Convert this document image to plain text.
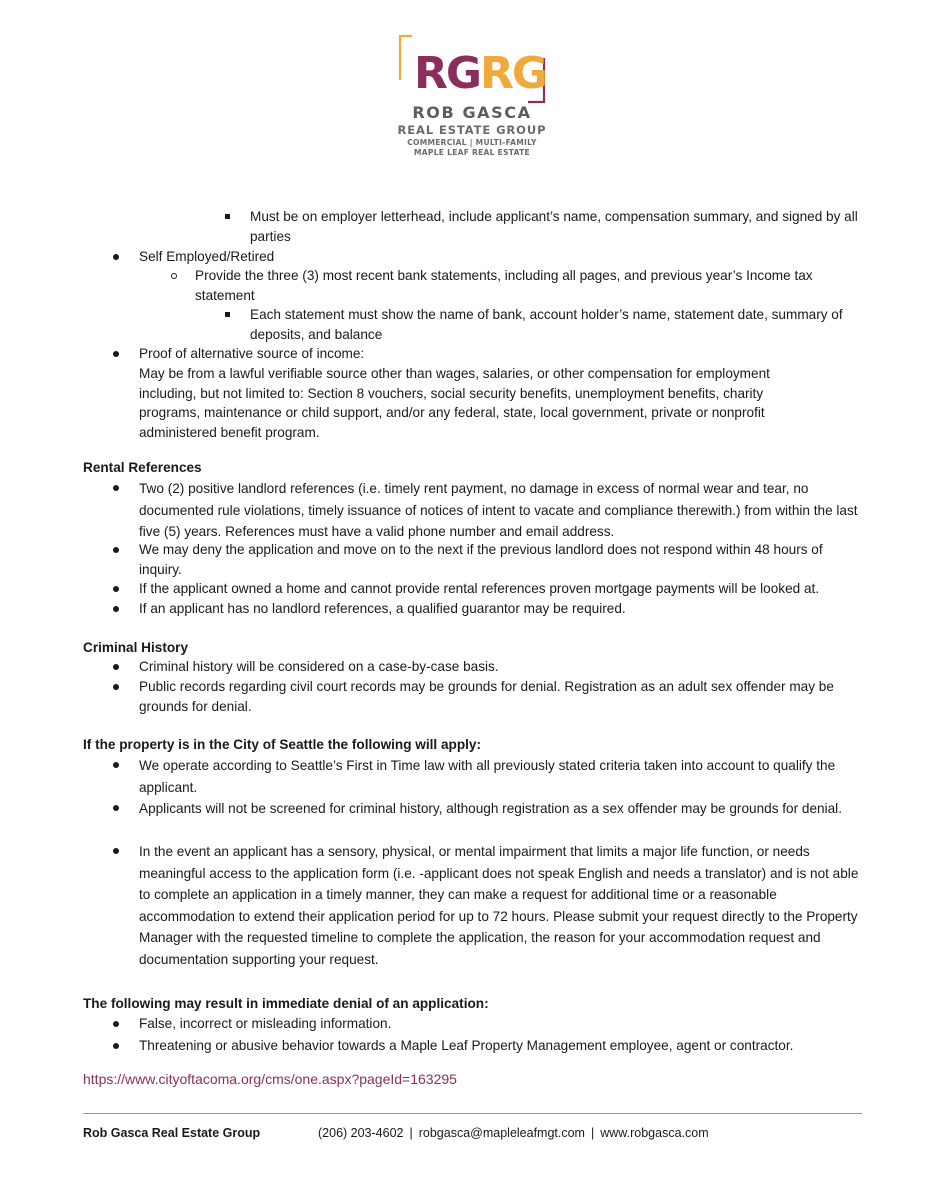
RGRG
ROB GASCA
REAL ESTATE GROUP
COMMERCIAL | MULTI-FAMILY
MAPLE LEAF REAL ESTATE
Must be on employer letterhead, include applicant’s name, compensation summary, and signed by all parties
Self Employed/Retired
Provide the three (3) most recent bank statements, including all pages, and previous year’s Income tax statement
Each statement must show the name of bank, account holder’s name, statement date, summary of deposits, and balance
Proof of alternative source of income:
May be from a lawful verifiable source other than wages, salaries, or other compensation for employment including, but not limited to: Section 8 vouchers, social security benefits, unemployment benefits, charity programs, maintenance or child support, and/or any federal, state, local government, private or nonprofit administered benefit program.
Rental References
Two (2) positive landlord references (i.e. timely rent payment, no damage in excess of normal wear and tear, no documented rule violations, timely issuance of notices of intent to vacate and compliance therewith.) from within the last five (5) years. References must have a valid phone number and email address.
We may deny the application and move on to the next if the previous landlord does not respond within 48 hours of inquiry.
If the applicant owned a home and cannot provide rental references proven mortgage payments will be looked at.
If an applicant has no landlord references, a qualified guarantor may be required.
Criminal History
Criminal history will be considered on a case-by-case basis.
Public records regarding civil court records may be grounds for denial. Registration as an adult sex offender may be grounds for denial.
If the property is in the City of Seattle the following will apply:
We operate according to Seattle’s First in Time law with all previously stated criteria taken into account to qualify the applicant.
Applicants will not be screened for criminal history, although registration as a sex offender may be grounds for denial.
In the event an applicant has a sensory, physical, or mental impairment that limits a major life function, or needs meaningful access to the application form (i.e. -applicant does not speak English and needs a translator) and is not able to complete an application in a timely manner, they can make a request for additional time or a reasonable accommodation to extend their application period for up to 72 hours. Please submit your request directly to the Property Manager with the requested timeline to complete the application, the reason for your accommodation request and documentation supporting your request.
The following may result in immediate denial of an application:
False, incorrect or misleading information.
Threatening or abusive behavior towards a Maple Leaf Property Management employee, agent or contractor.
https://www.cityoftacoma.org/cms/one.aspx?pageId=163295
Rob Gasca Real Estate Group	(206) 203-4602 | robgasca@mapleleafmgt.com | www.robgasca.com
